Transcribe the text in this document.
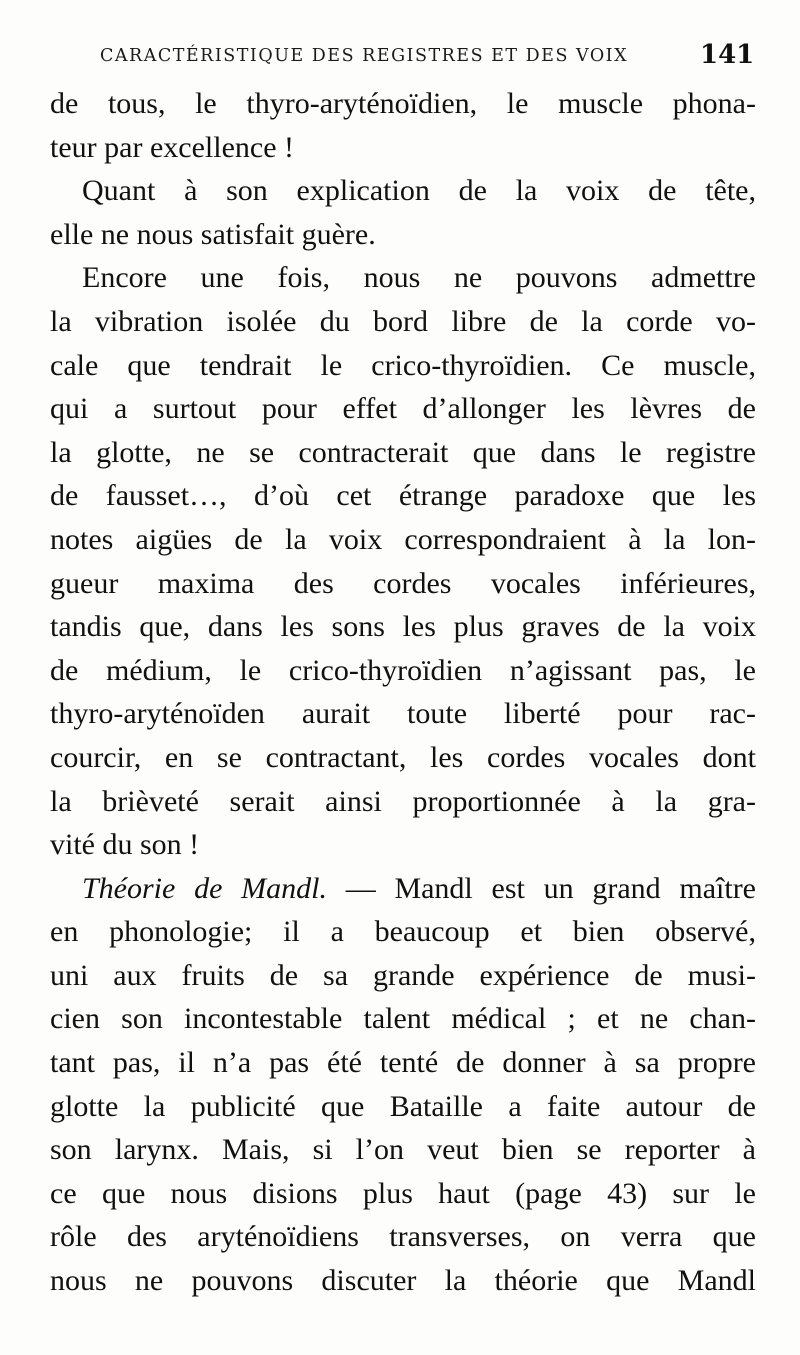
CARACTÉRISTIQUE DES REGISTRES ET DES VOIX	141
de tous, le thyro-aryténoïdien, le muscle phona-
teur par excellence !
Quant à son explication de la voix de tête,
elle ne nous satisfait guère.
Encore une fois, nous ne pouvons admettre
la vibration isolée du bord libre de la corde vo-
cale que tendrait le crico-thyroïdien. Ce muscle,
qui a surtout pour effet d’allonger les lèvres de
la glotte, ne se contracterait que dans le registre
de fausset…, d’où cet étrange paradoxe que les
notes aigües de la voix correspondraient à la lon-
gueur maxima des cordes vocales inférieures,
tandis que, dans les sons les plus graves de la voix
de médium, le crico-thyroïdien n’agissant pas, le
thyro-aryténoïden aurait toute liberté pour rac-
courcir, en se contractant, les cordes vocales dont
la brièveté serait ainsi proportionnée à la gra-
vité du son !
Théorie de Mandl. — Mandl est un grand maître
en phonologie; il a beaucoup et bien observé,
uni aux fruits de sa grande expérience de musi-
cien son incontestable talent médical ; et ne chan-
tant pas, il n’a pas été tenté de donner à sa propre
glotte la publicité que Bataille a faite autour de
son larynx. Mais, si l’on veut bien se reporter à
ce que nous disions plus haut (page 43) sur le
rôle des aryténoïdiens transverses, on verra que
nous ne pouvons discuter la théorie que Mandl
